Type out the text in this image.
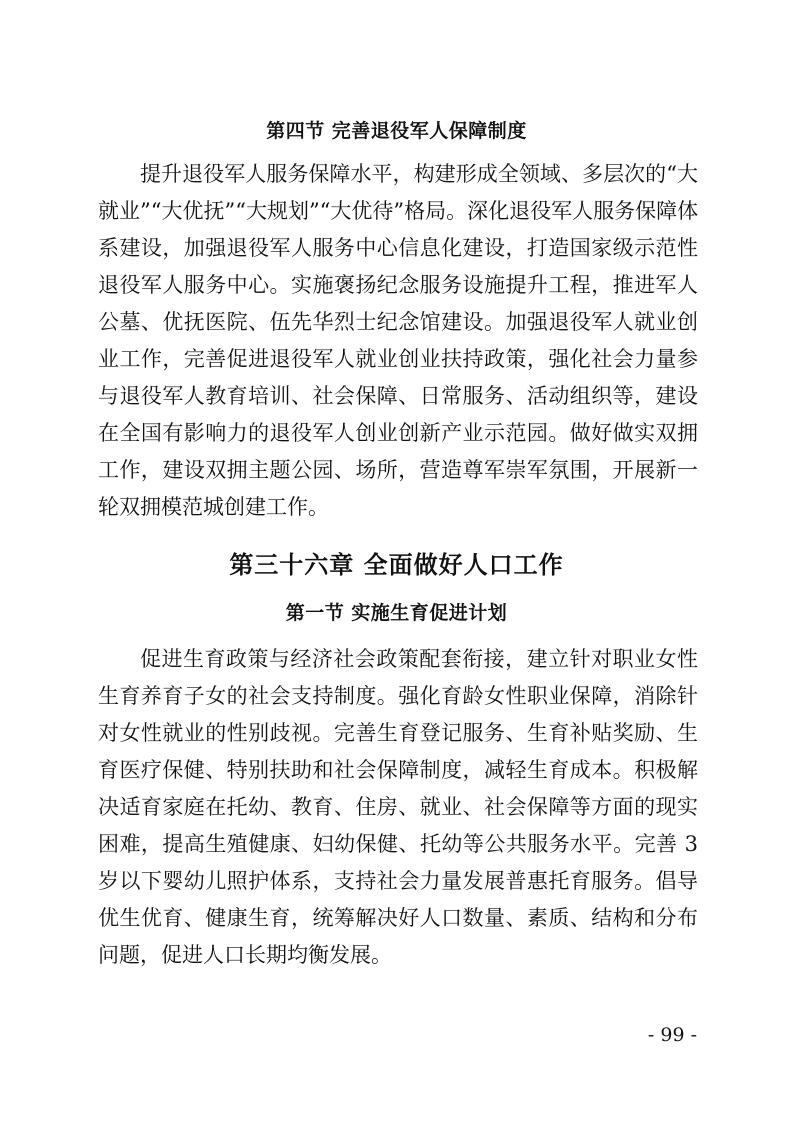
第四节 完善退役军人保障制度
提升退役军人服务保障水平，构建形成全领域、多层次的“大
就业”“大优抚”“大规划”“大优待”格局。深化退役军人服务保障体
系建设，加强退役军人服务中心信息化建设，打造国家级示范性
退役军人服务中心。实施褒扬纪念服务设施提升工程，推进军人
公墓、优抚医院、伍先华烈士纪念馆建设。加强退役军人就业创
业工作，完善促进退役军人就业创业扶持政策，强化社会力量参
与退役军人教育培训、社会保障、日常服务、活动组织等，建设
在全国有影响力的退役军人创业创新产业示范园。做好做实双拥
工作，建设双拥主题公园、场所，营造尊军崇军氛围，开展新一
轮双拥模范城创建工作。
第三十六章 全面做好人口工作
第一节 实施生育促进计划
促进生育政策与经济社会政策配套衔接，建立针对职业女性
生育养育子女的社会支持制度。强化育龄女性职业保障，消除针
对女性就业的性别歧视。完善生育登记服务、生育补贴奖励、生
育医疗保健、特别扶助和社会保障制度，减轻生育成本。积极解
决适育家庭在托幼、教育、住房、就业、社会保障等方面的现实
困难，提高生殖健康、妇幼保健、托幼等公共服务水平。完善 3
岁以下婴幼儿照护体系，支持社会力量发展普惠托育服务。倡导
优生优育、健康生育，统筹解决好人口数量、素质、结构和分布
问题，促进人口长期均衡发展。
- 99 -
